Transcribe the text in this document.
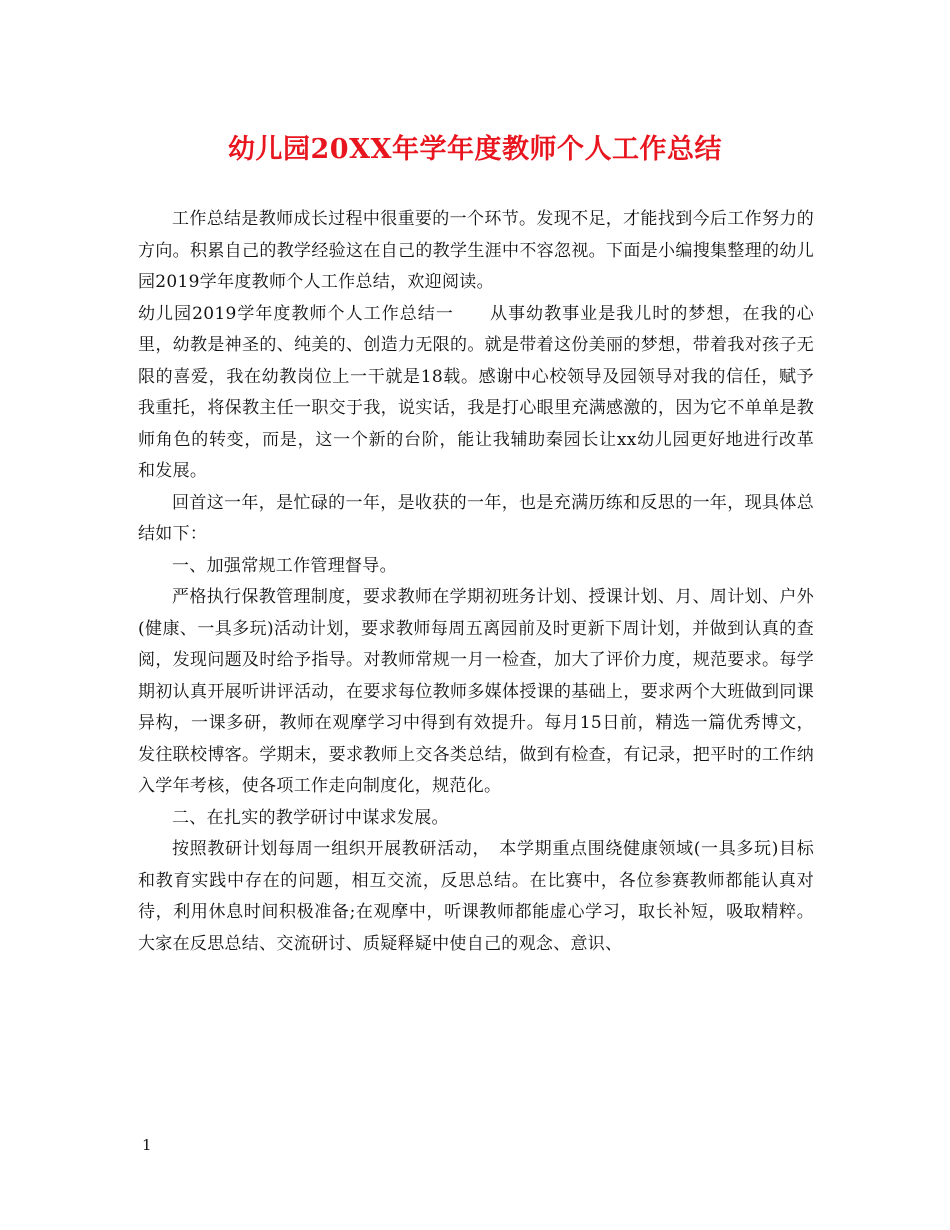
幼儿园20XX年学年度教师个人工作总结

工作总结是教师成长过程中很重要的一个环节。发现不足，才能找到今后工作努力的方向。积累自己的教学经验这在自己的教学生涯中不容忽视。下面是小编搜集整理的幼儿园2019学年度教师个人工作总结，欢迎阅读。

幼儿园2019学年度教师个人工作总结一　　从事幼教事业是我儿时的梦想，在我的心里，幼教是神圣的、纯美的、创造力无限的。就是带着这份美丽的梦想，带着我对孩子无限的喜爱，我在幼教岗位上一干就是18载。感谢中心校领导及园领导对我的信任，赋予我重托，将保教主任一职交于我，说实话，我是打心眼里充满感激的，因为它不单单是教师角色的转变，而是，这一个新的台阶，能让我辅助秦园长让xx幼儿园更好地进行改革和发展。

回首这一年，是忙碌的一年，是收获的一年，也是充满历练和反思的一年，现具体总结如下：

一、加强常规工作管理督导。

严格执行保教管理制度，要求教师在学期初班务计划、授课计划、月、周计划、户外(健康、一具多玩)活动计划，要求教师每周五离园前及时更新下周计划，并做到认真的查阅，发现问题及时给予指导。对教师常规一月一检查，加大了评价力度，规范要求。每学期初认真开展听讲评活动，在要求每位教师多媒体授课的基础上，要求两个大班做到同课异构，一课多研，教师在观摩学习中得到有效提升。每月15日前，精选一篇优秀博文，发往联校博客。学期末，要求教师上交各类总结，做到有检查，有记录，把平时的工作纳入学年考核，使各项工作走向制度化，规范化。

二、在扎实的教学研讨中谋求发展。

按照教研计划每周一组织开展教研活动，　本学期重点围绕健康领域(一具多玩)目标和教育实践中存在的问题，相互交流，反思总结。在比赛中，各位参赛教师都能认真对待，利用休息时间积极准备;在观摩中，听课教师都能虚心学习，取长补短，吸取精粹。大家在反思总结、交流研讨、质疑释疑中使自己的观念、意识、

1
